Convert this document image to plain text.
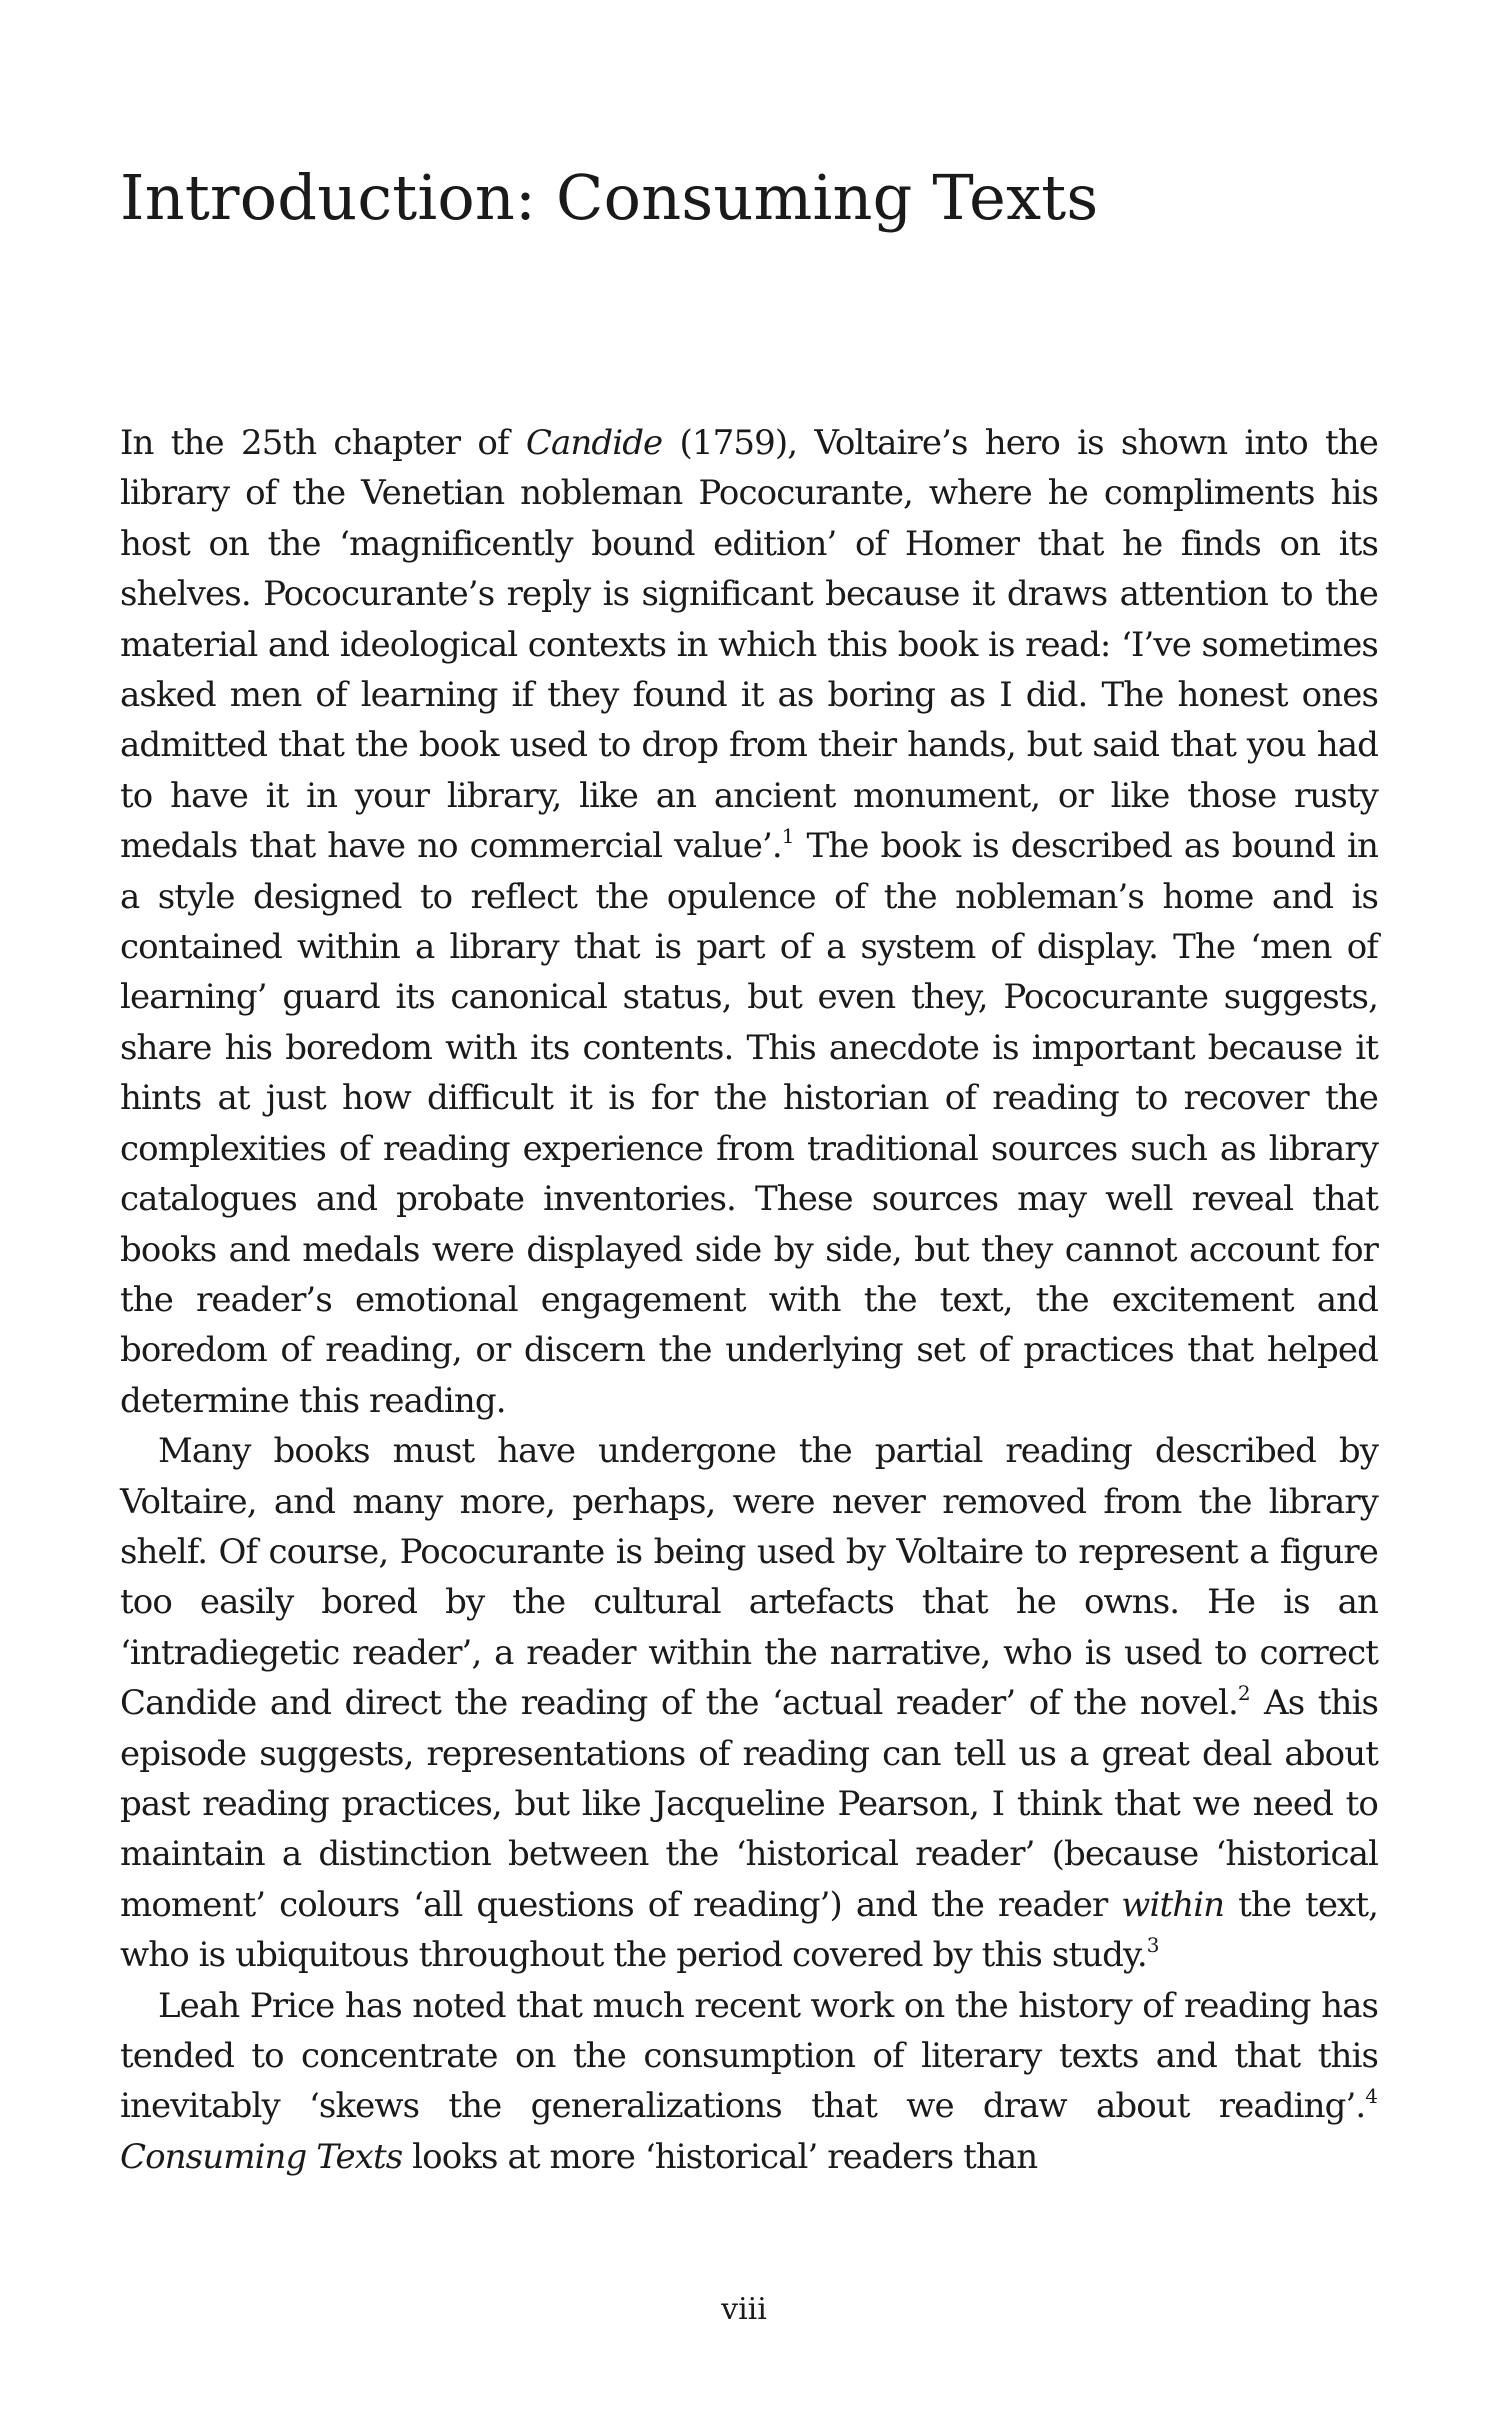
Introduction: Consuming Texts

In the 25th chapter of Candide (1759), Voltaire’s hero is shown into the library of the Venetian nobleman Pococurante, where he compliments his host on the ‘magnificently bound edition’ of Homer that he finds on its shelves. Pococurante’s reply is significant because it draws attention to the material and ideological contexts in which this book is read: ‘I’ve sometimes asked men of learning if they found it as boring as I did. The honest ones admitted that the book used to drop from their hands, but said that you had to have it in your library, like an ancient monument, or like those rusty medals that have no commercial value’.$^1$ The book is described as bound in a style designed to reflect the opulence of the nobleman’s home and is contained within a library that is part of a system of display. The ‘men of learning’ guard its canonical status, but even they, Pococurante suggests, share his boredom with its contents. This anecdote is important because it hints at just how difficult it is for the historian of reading to recover the complexities of reading experience from traditional sources such as library catalogues and probate inventories. These sources may well reveal that books and medals were displayed side by side, but they cannot account for the reader’s emotional engagement with the text, the excitement and boredom of reading, or discern the underlying set of practices that helped determine this reading.

Many books must have undergone the partial reading described by Voltaire, and many more, perhaps, were never removed from the library shelf. Of course, Pococurante is being used by Voltaire to represent a figure too easily bored by the cultural artefacts that he owns. He is an ‘intradiegetic reader’, a reader within the narrative, who is used to correct Candide and direct the reading of the ‘actual reader’ of the novel.$^2$ As this episode suggests, representations of reading can tell us a great deal about past reading practices, but like Jacqueline Pearson, I think that we need to maintain a distinction between the ‘historical reader’ (because ‘historical moment’ colours ‘all questions of reading’) and the reader within the text, who is ubiquitous throughout the period covered by this study.$^3$

Leah Price has noted that much recent work on the history of reading has tended to concentrate on the consumption of literary texts and that this inevitably ‘skews the generalizations that we draw about reading’.$^4$ Consuming Texts looks at more ‘historical’ readers than

viii
